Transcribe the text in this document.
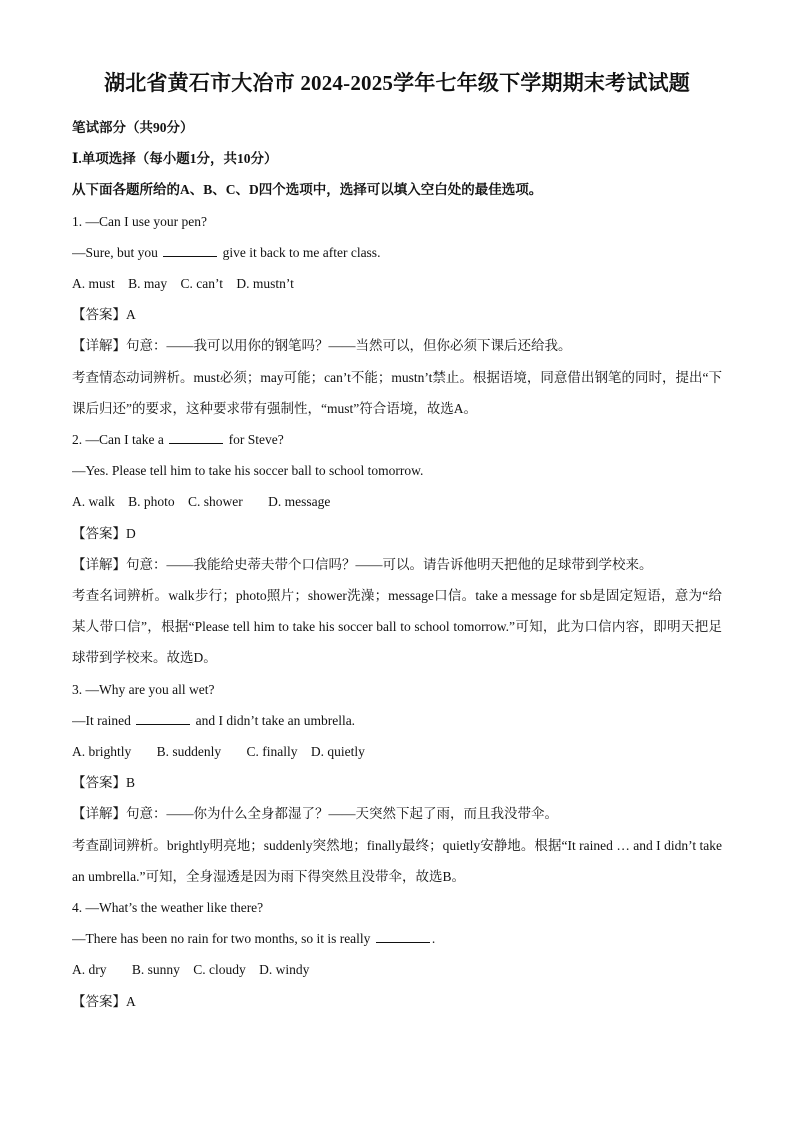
湖北省黄石市大冶市 2024-2025学年七年级下学期期末考试试题
笔试部分（共90分）
Ⅰ.单项选择（每小题1分，共10分）
从下面各题所给的A、B、C、D四个选项中，选择可以填入空白处的最佳选项。
1. —Can I use your pen?
—Sure, but you	give it back to me after class.
A. must B. may C. can’t D. mustn’t
【答案】A
【详解】句意：——我可以用你的钢笔吗？——当然可以，但你必须下课后还给我。
考查情态动词辨析。must必须；may可能；can’t不能；mustn’t禁止。根据语境，同意借出钢笔的同时，提出“下课后归还”的要求，这种要求带有强制性，“must”符合语境，故选A。
2. —Can I take a	for Steve?
—Yes. Please tell him to take his soccer ball to school tomorrow.
A. walk B. photo C. shower D. message
【答案】D
【详解】句意：——我能给史蒂夫带个口信吗？——可以。请告诉他明天把他的足球带到学校来。
考查名词辨析。walk步行；photo照片；shower洗澡；message口信。take a message for sb是固定短语，意为“给某人带口信”，根据“Please tell him to take his soccer ball to school tomorrow.”可知，此为口信内容，即明天把足球带到学校来。故选D。
3. —Why are you all wet?
—It rained	and I didn’t take an umbrella.
A. brightly B. suddenly C. finally D. quietly
【答案】B
【详解】句意：——你为什么全身都湿了？——天突然下起了雨，而且我没带伞。
考查副词辨析。brightly明亮地；suddenly突然地；finally最终；quietly安静地。根据“It rained … and I didn’t take an umbrella.”可知，全身湿透是因为雨下得突然且没带伞，故选B。
4. —What’s the weather like there?
—There has been no rain for two months, so it is really	.
A. dry B. sunny C. cloudy D. windy
【答案】A
